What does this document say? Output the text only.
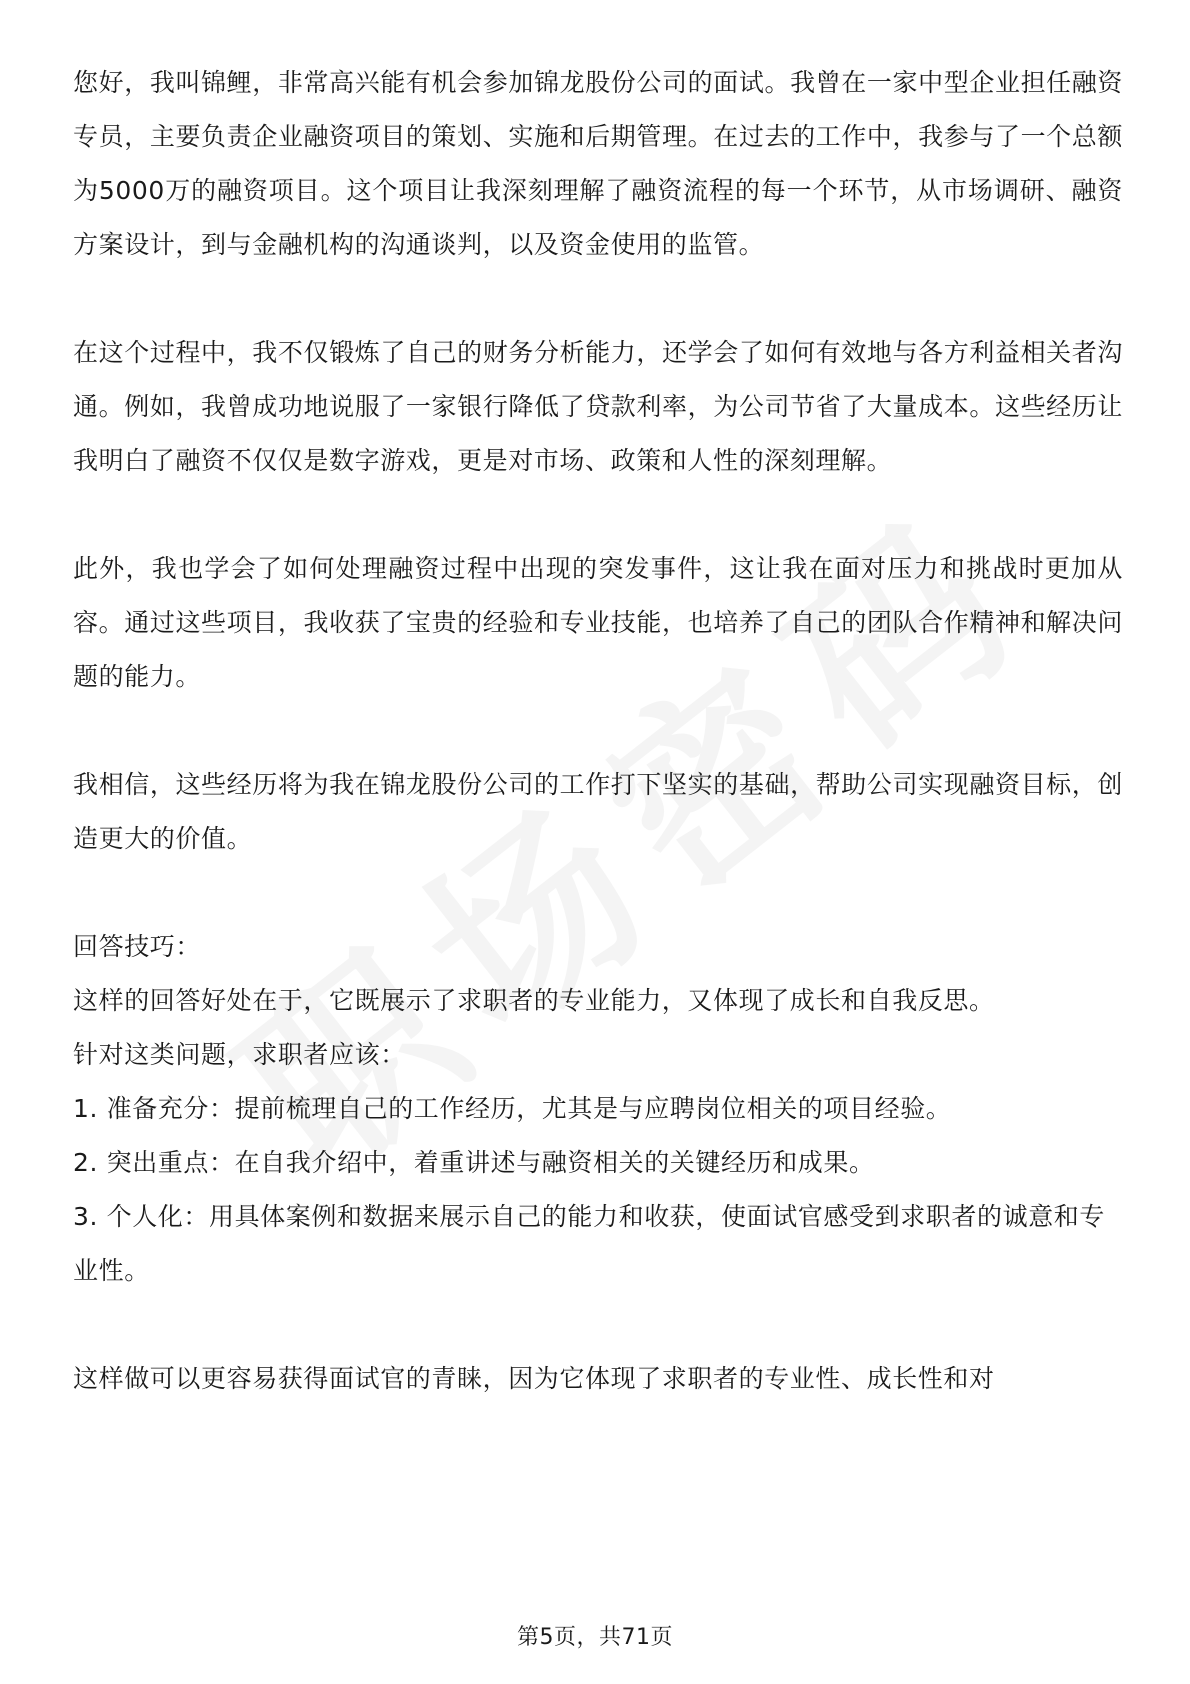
您好，我叫锦鲤，非常高兴能有机会参加锦龙股份公司的面试。我曾在一家中型企业担任融资专员，主要负责企业融资项目的策划、实施和后期管理。在过去的工作中，我参与了一个总额为5000万的融资项目。这个项目让我深刻理解了融资流程的每一个环节，从市场调研、融资方案设计，到与金融机构的沟通谈判，以及资金使用的监管。

在这个过程中，我不仅锻炼了自己的财务分析能力，还学会了如何有效地与各方利益相关者沟通。例如，我曾成功地说服了一家银行降低了贷款利率，为公司节省了大量成本。这些经历让我明白了融资不仅仅是数字游戏，更是对市场、政策和人性的深刻理解。

此外，我也学会了如何处理融资过程中出现的突发事件，这让我在面对压力和挑战时更加从容。通过这些项目，我收获了宝贵的经验和专业技能，也培养了自己的团队合作精神和解决问题的能力。

我相信，这些经历将为我在锦龙股份公司的工作打下坚实的基础，帮助公司实现融资目标，创造更大的价值。

回答技巧：

这样的回答好处在于，它既展示了求职者的专业能力，又体现了成长和自我反思。

针对这类问题，求职者应该：

1. 准备充分：提前梳理自己的工作经历，尤其是与应聘岗位相关的项目经验。

2. 突出重点：在自我介绍中，着重讲述与融资相关的关键经历和成果。

3. 个人化：用具体案例和数据来展示自己的能力和收获，使面试官感受到求职者的诚意和专业性。

这样做可以更容易获得面试官的青睐，因为它体现了求职者的专业性、成长性和对

第5页，共71页
